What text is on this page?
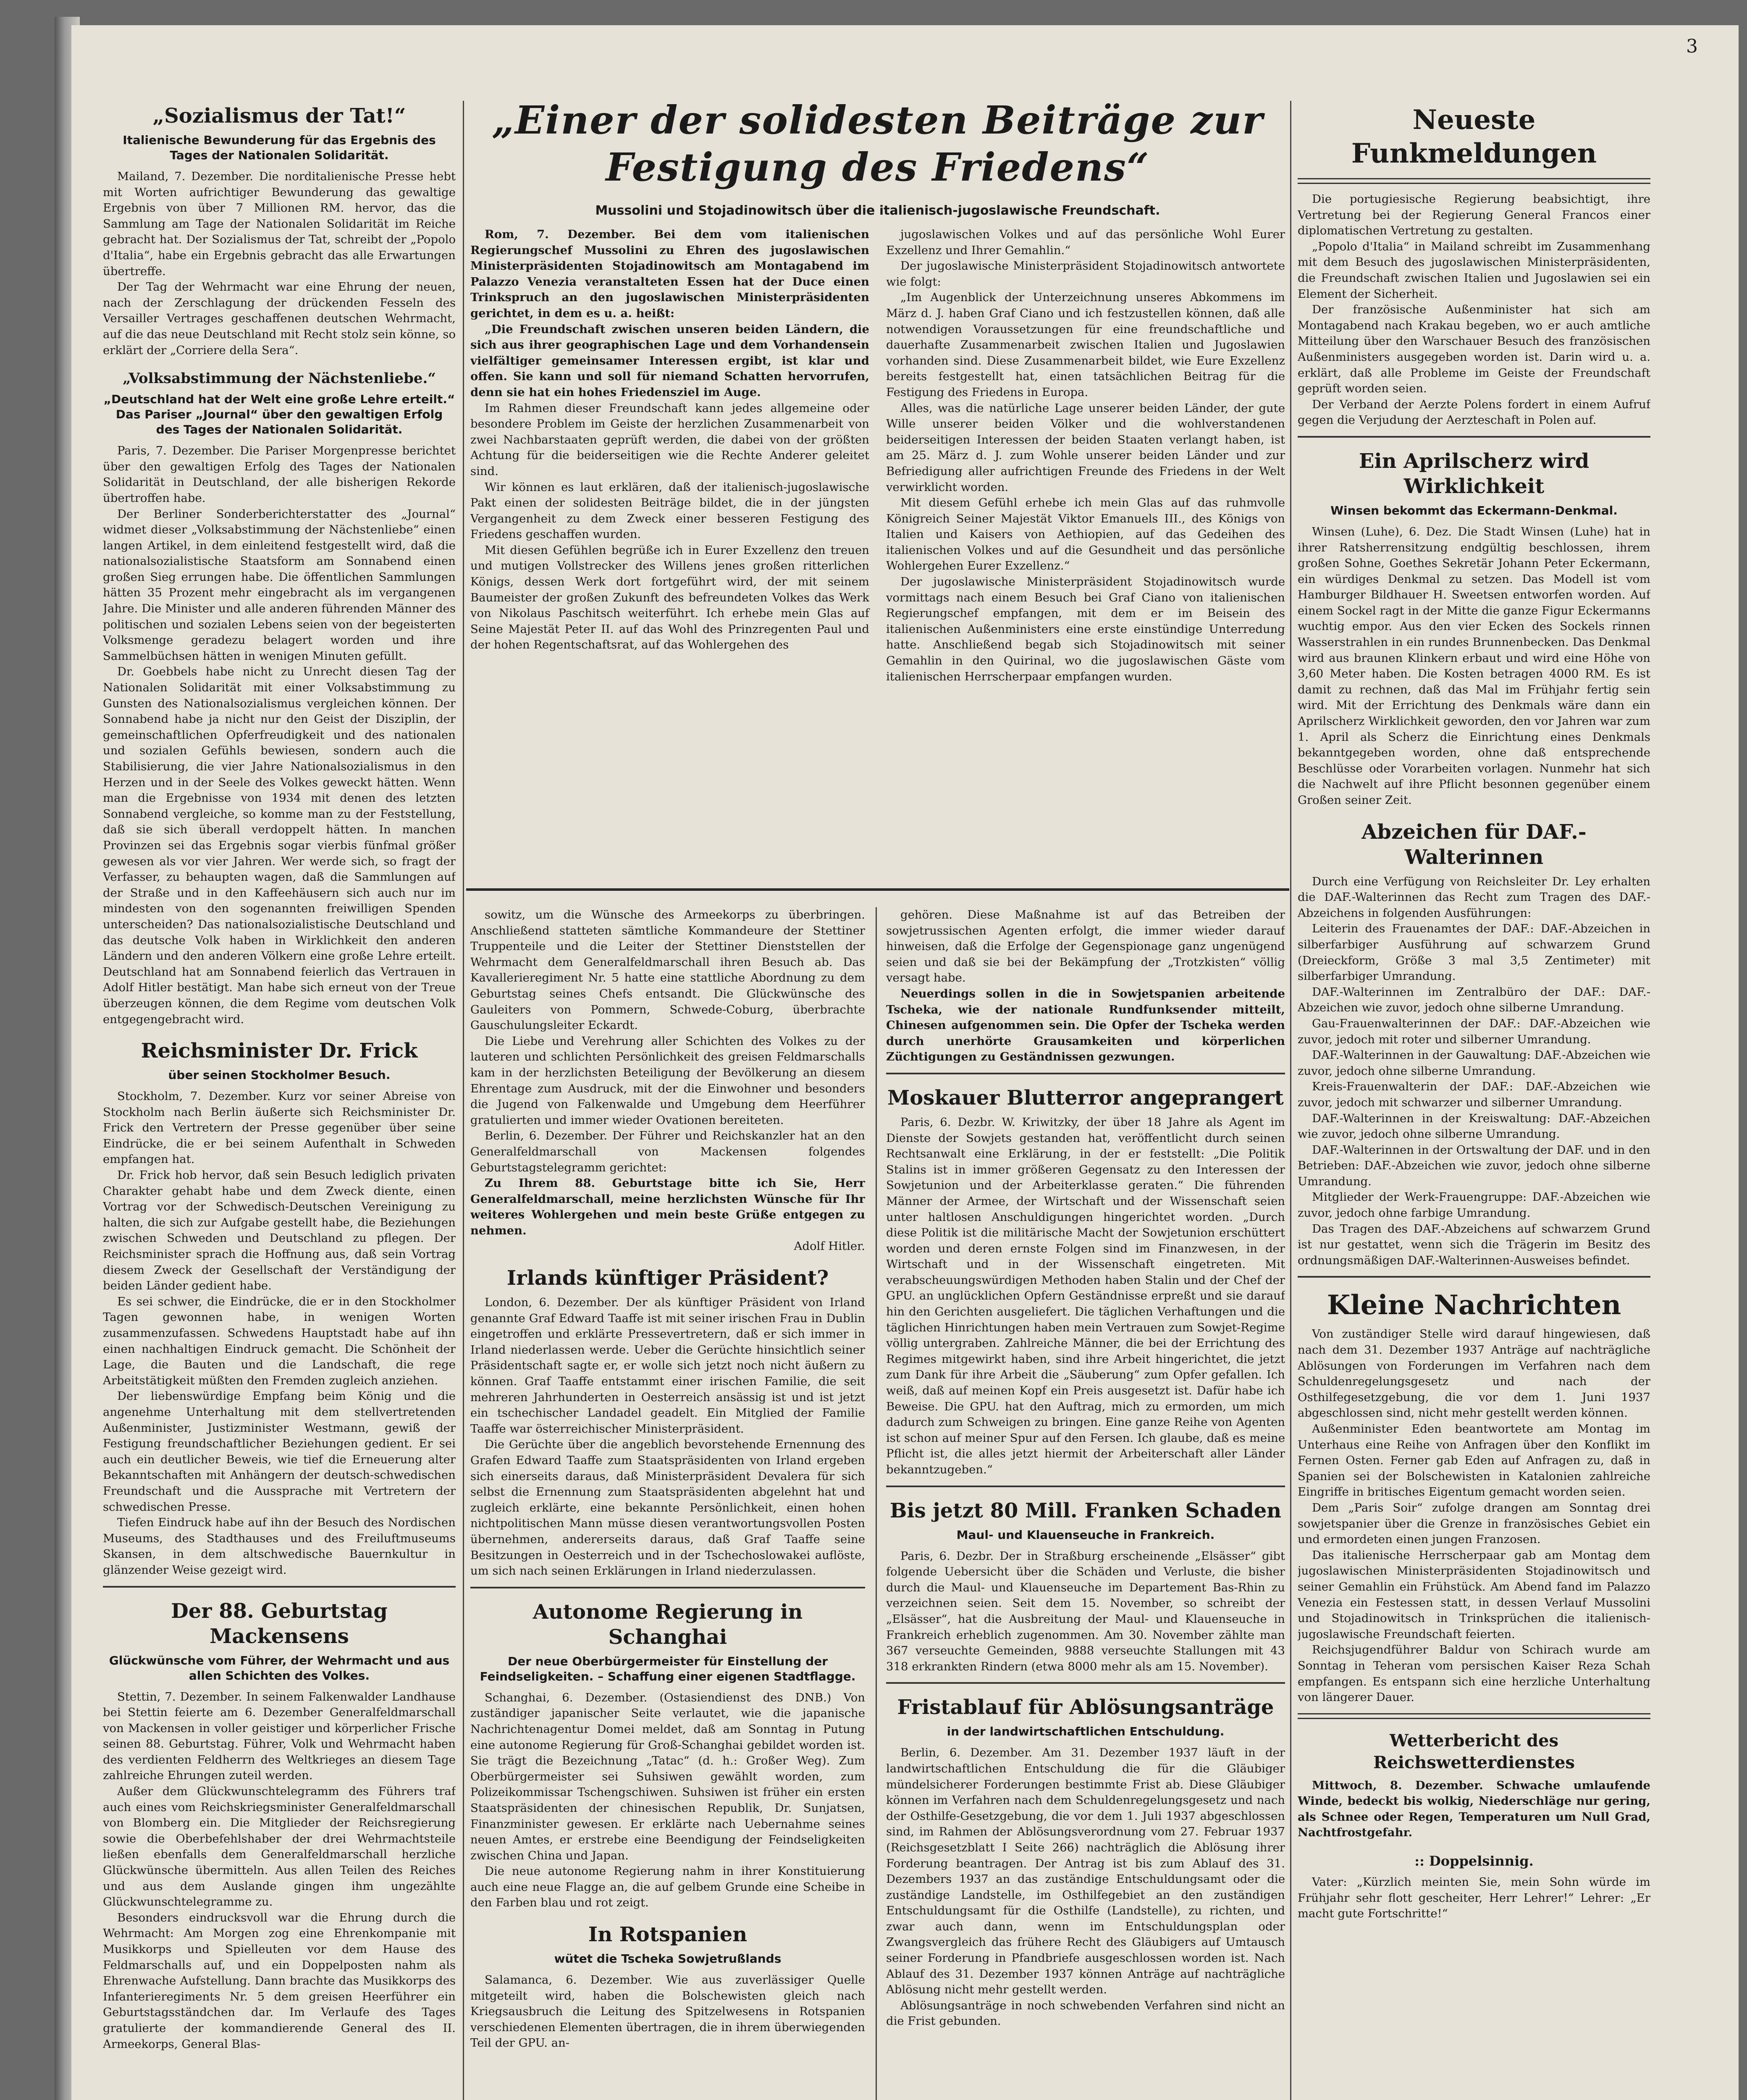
3
„Sozialismus der Tat!“
Italienische Bewunderung für das Ergebnis des Tages der Nationalen Solidarität.

Mailand, 7. Dezember. Die norditalienische Presse hebt mit Worten aufrichtiger Bewunderung das gewaltige Ergebnis von über 7 Millionen RM. hervor, das die Sammlung am Tage der Nationalen Solidarität im Reiche gebracht hat. Der Sozialismus der Tat, schreibt der „Popolo d'Italia“, habe ein Ergebnis gebracht das alle Erwartungen übertreffe.

Der Tag der Wehrmacht war eine Ehrung der neuen, nach der Zerschlagung der drückenden Fesseln des Versailler Vertrages geschaffenen deutschen Wehrmacht, auf die das neue Deutschland mit Recht stolz sein könne, so erklärt der „Corriere della Sera“.

„Volksabstimmung der Nächstenliebe.“
„Deutschland hat der Welt eine große Lehre erteilt.“ Das Pariser „Journal“ über den gewaltigen Erfolg des Tages der Nationalen Solidarität.

Paris, 7. Dezember. Die Pariser Morgenpresse berichtet über den gewaltigen Erfolg des Tages der Nationalen Solidarität in Deutschland, der alle bisherigen Rekorde übertroffen habe.

Der Berliner Sonderberichterstatter des „Journal“ widmet dieser „Volksabstimmung der Nächstenliebe“ einen langen Artikel, in dem einleitend festgestellt wird, daß die nationalsozialistische Staatsform am Sonnabend einen großen Sieg errungen habe. Die öffentlichen Sammlungen hätten 35 Prozent mehr eingebracht als im vergangenen Jahre. Die Minister und alle anderen führenden Männer des politischen und sozialen Lebens seien von der begeisterten Volksmenge geradezu belagert worden und ihre Sammelbüchsen hätten in wenigen Minuten gefüllt.

Dr. Goebbels habe nicht zu Unrecht diesen Tag der Nationalen Solidarität mit einer Volksabstimmung zu Gunsten des Nationalsozialismus vergleichen können. Der Sonnabend habe ja nicht nur den Geist der Disziplin, der gemeinschaftlichen Opferfreudigkeit und des nationalen und sozialen Gefühls bewiesen, sondern auch die Stabilisierung, die vier Jahre Nationalsozialismus in den Herzen und in der Seele des Volkes geweckt hätten. Wenn man die Ergebnisse von 1934 mit denen des letzten Sonnabend vergleiche, so komme man zu der Feststellung, daß sie sich überall verdoppelt hätten. In manchen Provinzen sei das Ergebnis sogar vierbis fünfmal größer gewesen als vor vier Jahren. Wer werde sich, so fragt der Verfasser, zu behaupten wagen, daß die Sammlungen auf der Straße und in den Kaffeehäusern sich auch nur im mindesten von den sogenannten freiwilligen Spenden unterscheiden? Das nationalsozialistische Deutschland und das deutsche Volk haben in Wirklichkeit den anderen Ländern und den anderen Völkern eine große Lehre erteilt. Deutschland hat am Sonnabend feierlich das Vertrauen in Adolf Hitler bestätigt. Man habe sich erneut von der Treue überzeugen können, die dem Regime vom deutschen Volk entgegengebracht wird.

Reichsminister Dr. Frick
über seinen Stockholmer Besuch.

Stockholm, 7. Dezember. Kurz vor seiner Abreise von Stockholm nach Berlin äußerte sich Reichsminister Dr. Frick den Vertretern der Presse gegenüber über seine Eindrücke, die er bei seinem Aufenthalt in Schweden empfangen hat.

Dr. Frick hob hervor, daß sein Besuch lediglich privaten Charakter gehabt habe und dem Zweck diente, einen Vortrag vor der Schwedisch-Deutschen Vereinigung zu halten, die sich zur Aufgabe gestellt habe, die Beziehungen zwischen Schweden und Deutschland zu pflegen. Der Reichsminister sprach die Hoffnung aus, daß sein Vortrag diesem Zweck der Gesellschaft der Verständigung der beiden Länder gedient habe.

Es sei schwer, die Eindrücke, die er in den Stockholmer Tagen gewonnen habe, in wenigen Worten zusammenzufassen. Schwedens Hauptstadt habe auf ihn einen nachhaltigen Eindruck gemacht. Die Schönheit der Lage, die Bauten und die Landschaft, die rege Arbeitstätigkeit müßten den Fremden zugleich anziehen.

Der liebenswürdige Empfang beim König und die angenehme Unterhaltung mit dem stellvertretenden Außenminister, Justizminister Westmann, gewiß der Festigung freundschaftlicher Beziehungen gedient. Er sei auch ein deutlicher Beweis, wie tief die Erneuerung alter Bekanntschaften mit Anhängern der deutsch-schwedischen Freundschaft und die Aussprache mit Vertretern der schwedischen Presse.

Tiefen Eindruck habe auf ihn der Besuch des Nordischen Museums, des Stadthauses und des Freiluftmuseums Skansen, in dem altschwedische Bauernkultur in glänzender Weise gezeigt wird.

Der 88. Geburtstag Mackensens
Glückwünsche vom Führer, der Wehrmacht und aus allen Schichten des Volkes.

Stettin, 7. Dezember. In seinem Falkenwalder Landhause bei Stettin feierte am 6. Dezember Generalfeldmarschall von Mackensen in voller geistiger und körperlicher Frische seinen 88. Geburtstag. Führer, Volk und Wehrmacht haben des verdienten Feldherrn des Weltkrieges an diesem Tage zahlreiche Ehrungen zuteil werden.

Außer dem Glückwunschtelegramm des Führers traf auch eines vom Reichskriegsminister Generalfeldmarschall von Blomberg ein. Die Mitglieder der Reichsregierung sowie die Oberbefehlshaber der drei Wehrmachtsteile ließen ebenfalls dem Generalfeldmarschall herzliche Glückwünsche übermitteln. Aus allen Teilen des Reiches und aus dem Auslande gingen ihm ungezählte Glückwunschtelegramme zu.

Besonders eindrucksvoll war die Ehrung durch die Wehrmacht: Am Morgen zog eine Ehrenkompanie mit Musikkorps und Spielleuten vor dem Hause des Feldmarschalls auf, und ein Doppelposten nahm als Ehrenwache Aufstellung. Dann brachte das Musikkorps des Infanterieregiments Nr. 5 dem greisen Heerführer ein Geburtstagsständchen dar. Im Verlaufe des Tages gratulierte der kommandierende General des II. Armeekorps, General Blas-

„Einer der solidesten Beiträge zur Festigung des Friedens“
Mussolini und Stojadinowitsch über die italienisch-jugoslawische Freundschaft.

Rom, 7. Dezember. Bei dem vom italienischen Regierungschef Mussolini zu Ehren des jugoslawischen Ministerpräsidenten Stojadinowitsch am Montagabend im Palazzo Venezia veranstalteten Essen hat der Duce einen Trinkspruch an den jugoslawischen Ministerpräsidenten gerichtet, in dem es u. a. heißt:

„Die Freundschaft zwischen unseren beiden Ländern, die sich aus ihrer geographischen Lage und dem Vorhandensein vielfältiger gemeinsamer Interessen ergibt, ist klar und offen. Sie kann und soll für niemand Schatten hervorrufen, denn sie hat ein hohes Friedensziel im Auge.

Im Rahmen dieser Freundschaft kann jedes allgemeine oder besondere Problem im Geiste der herzlichen Zusammenarbeit von zwei Nachbarstaaten geprüft werden, die dabei von der größten Achtung für die beiderseitigen wie die Rechte Anderer geleitet sind.

Wir können es laut erklären, daß der italienisch-jugoslawische Pakt einen der solidesten Beiträge bildet, die in der jüngsten Vergangenheit zu dem Zweck einer besseren Festigung des Friedens geschaffen wurden.

Mit diesen Gefühlen begrüße ich in Eurer Exzellenz den treuen und mutigen Vollstrecker des Willens jenes großen ritterlichen Königs, dessen Werk dort fortgeführt wird, der mit seinem Baumeister der großen Zukunft des befreundeten Volkes das Werk von Nikolaus Paschitsch weiterführt. Ich erhebe mein Glas auf Seine Majestät Peter II. auf das Wohl des Prinzregenten Paul und der hohen Regentschaftsrat, auf das Wohlergehen des

jugoslawischen Volkes und auf das persönliche Wohl Eurer Exzellenz und Ihrer Gemahlin.“

Der jugoslawische Ministerpräsident Stojadinowitsch antwortete wie folgt:

„Im Augenblick der Unterzeichnung unseres Abkommens im März d. J. haben Graf Ciano und ich festzustellen können, daß alle notwendigen Voraussetzungen für eine freundschaftliche und dauerhafte Zusammenarbeit zwischen Italien und Jugoslawien vorhanden sind. Diese Zusammenarbeit bildet, wie Eure Exzellenz bereits festgestellt hat, einen tatsächlichen Beitrag für die Festigung des Friedens in Europa.

Alles, was die natürliche Lage unserer beiden Länder, der gute Wille unserer beiden Völker und die wohlverstandenen beiderseitigen Interessen der beiden Staaten verlangt haben, ist am 25. März d. J. zum Wohle unserer beiden Länder und zur Befriedigung aller aufrichtigen Freunde des Friedens in der Welt verwirklicht worden.

Mit diesem Gefühl erhebe ich mein Glas auf das ruhmvolle Königreich Seiner Majestät Viktor Emanuels III., des Königs von Italien und Kaisers von Aethiopien, auf das Gedeihen des italienischen Volkes und auf die Gesundheit und das persönliche Wohlergehen Eurer Exzellenz.“

Der jugoslawische Ministerpräsident Stojadinowitsch wurde vormittags nach einem Besuch bei Graf Ciano von italienischen Regierungschef empfangen, mit dem er im Beisein des italienischen Außenministers eine erste einstündige Unterredung hatte. Anschließend begab sich Stojadinowitsch mit seiner Gemahlin in den Quirinal, wo die jugoslawischen Gäste vom italienischen Herrscherpaar empfangen wurden.

sowitz, um die Wünsche des Armeekorps zu überbringen. Anschließend statteten sämtliche Kommandeure der Stettiner Truppenteile und die Leiter der Stettiner Dienststellen der Wehrmacht dem Generalfeldmarschall ihren Besuch ab. Das Kavallerieregiment Nr. 5 hatte eine stattliche Abordnung zu dem Geburtstag seines Chefs entsandt. Die Glückwünsche des Gauleiters von Pommern, Schwede-Coburg, überbrachte Gauschulungsleiter Eckardt.

Die Liebe und Verehrung aller Schichten des Volkes zu der lauteren und schlichten Persönlichkeit des greisen Feldmarschalls kam in der herzlichsten Beteiligung der Bevölkerung an diesem Ehrentage zum Ausdruck, mit der die Einwohner und besonders die Jugend von Falkenwalde und Umgebung dem Heerführer gratulierten und immer wieder Ovationen bereiteten.

Berlin, 6. Dezember. Der Führer und Reichskanzler hat an den Generalfeldmarschall von Mackensen folgendes Geburtstagstelegramm gerichtet:

Zu Ihrem 88. Geburtstage bitte ich Sie, Herr Generalfeldmarschall, meine herzlichsten Wünsche für Ihr weiteres Wohlergehen und mein beste Grüße entgegen zu nehmen.

Adolf Hitler.

Irlands künftiger Präsident?

London, 6. Dezember. Der als künftiger Präsident von Irland genannte Graf Edward Taaffe ist mit seiner irischen Frau in Dublin eingetroffen und erklärte Pressevertretern, daß er sich immer in Irland niederlassen werde. Ueber die Gerüchte hinsichtlich seiner Präsidentschaft sagte er, er wolle sich jetzt noch nicht äußern zu können. Graf Taaffe entstammt einer irischen Familie, die seit mehreren Jahrhunderten in Oesterreich ansässig ist und ist jetzt ein tschechischer Landadel geadelt. Ein Mitglied der Familie Taaffe war österreichischer Ministerpräsident.

Die Gerüchte über die angeblich bevorstehende Ernennung des Grafen Edward Taaffe zum Staatspräsidenten von Irland ergeben sich einerseits daraus, daß Ministerpräsident Devalera für sich selbst die Ernennung zum Staatspräsidenten abgelehnt hat und zugleich erklärte, eine bekannte Persönlichkeit, einen hohen nichtpolitischen Mann müsse diesen verantwortungsvollen Posten übernehmen, andererseits daraus, daß Graf Taaffe seine Besitzungen in Oesterreich und in der Tschechoslowakei auflöste, um sich nach seinen Erklärungen in Irland niederzulassen.

Autonome Regierung in Schanghai
Der neue Oberbürgermeister für Einstellung der Feindseligkeiten. – Schaffung einer eigenen Stadtflagge.

Schanghai, 6. Dezember. (Ostasiendienst des DNB.) Von zuständiger japanischer Seite verlautet, wie die japanische Nachrichtenagentur Domei meldet, daß am Sonntag in Putung eine autonome Regierung für Groß-Schanghai gebildet worden ist. Sie trägt die Bezeichnung „Tatac“ (d. h.: Großer Weg). Zum Oberbürgermeister sei Suhsiwen gewählt worden, zum Polizeikommissar Tschengschiwen. Suhsiwen ist früher ein ersten Staatspräsidenten der chinesischen Republik, Dr. Sunjatsen, Finanzminister gewesen. Er erklärte nach Uebernahme seines neuen Amtes, er erstrebe eine Beendigung der Feindseligkeiten zwischen China und Japan.

Die neue autonome Regierung nahm in ihrer Konstituierung auch eine neue Flagge an, die auf gelbem Grunde eine Scheibe in den Farben blau und rot zeigt.

In Rotspanien
wütet die Tscheka Sowjetrußlands

Salamanca, 6. Dezember. Wie aus zuverlässiger Quelle mitgeteilt wird, haben die Bolschewisten gleich nach Kriegsausbruch die Leitung des Spitzelwesens in Rotspanien verschiedenen Elementen übertragen, die in ihrem überwiegenden Teil der GPU. an-

gehören. Diese Maßnahme ist auf das Betreiben der sowjetrussischen Agenten erfolgt, die immer wieder darauf hinweisen, daß die Erfolge der Gegenspionage ganz ungenügend seien und daß sie bei der Bekämpfung der „Trotzkisten“ völlig versagt habe.

Neuerdings sollen in die in Sowjetspanien arbeitende Tscheka, wie der nationale Rundfunksender mitteilt, Chinesen aufgenommen sein. Die Opfer der Tscheka werden durch unerhörte Grausamkeiten und körperlichen Züchtigungen zu Geständnissen gezwungen.

Moskauer Blutterror angeprangert

Paris, 6. Dezbr. W. Kriwitzky, der über 18 Jahre als Agent im Dienste der Sowjets gestanden hat, veröffentlicht durch seinen Rechtsanwalt eine Erklärung, in der er feststellt: „Die Politik Stalins ist in immer größeren Gegensatz zu den Interessen der Sowjetunion und der Arbeiterklasse geraten.“ Die führenden Männer der Armee, der Wirtschaft und der Wissenschaft seien unter haltlosen Anschuldigungen hingerichtet worden. „Durch diese Politik ist die militärische Macht der Sowjetunion erschüttert worden und deren ernste Folgen sind im Finanzwesen, in der Wirtschaft und in der Wissenschaft eingetreten. Mit verabscheuungswürdigen Methoden haben Stalin und der Chef der GPU. an unglücklichen Opfern Geständnisse erpreßt und sie darauf hin den Gerichten ausgeliefert. Die täglichen Verhaftungen und die täglichen Hinrichtungen haben mein Vertrauen zum Sowjet-Regime völlig untergraben. Zahlreiche Männer, die bei der Errichtung des Regimes mitgewirkt haben, sind ihre Arbeit hingerichtet, die jetzt zum Dank für ihre Arbeit die „Säuberung“ zum Opfer gefallen. Ich weiß, daß auf meinen Kopf ein Preis ausgesetzt ist. Dafür habe ich Beweise. Die GPU. hat den Auftrag, mich zu ermorden, um mich dadurch zum Schweigen zu bringen. Eine ganze Reihe von Agenten ist schon auf meiner Spur auf den Fersen. Ich glaube, daß es meine Pflicht ist, die alles jetzt hiermit der Arbeiterschaft aller Länder bekanntzugeben.“

Bis jetzt 80 Mill. Franken Schaden
Maul- und Klauenseuche in Frankreich.

Paris, 6. Dezbr. Der in Straßburg erscheinende „Elsässer“ gibt folgende Uebersicht über die Schäden und Verluste, die bisher durch die Maul- und Klauenseuche im Departement Bas-Rhin zu verzeichnen seien. Seit dem 15. November, so schreibt der „Elsässer“, hat die Ausbreitung der Maul- und Klauenseuche in Frankreich erheblich zugenommen. Am 30. November zählte man 367 verseuchte Gemeinden, 9888 verseuchte Stallungen mit 43 318 erkrankten Rindern (etwa 8000 mehr als am 15. November).

Fristablauf für Ablösungsanträge
in der landwirtschaftlichen Entschuldung.

Berlin, 6. Dezember. Am 31. Dezember 1937 läuft in der landwirtschaftlichen Entschuldung die für die Gläubiger mündelsicherer Forderungen bestimmte Frist ab. Diese Gläubiger können im Verfahren nach dem Schuldenregelungsgesetz und nach der Osthilfe-Gesetzgebung, die vor dem 1. Juli 1937 abgeschlossen sind, im Rahmen der Ablösungsverordnung vom 27. Februar 1937 (Reichsgesetzblatt I Seite 266) nachträglich die Ablösung ihrer Forderung beantragen. Der Antrag ist bis zum Ablauf des 31. Dezembers 1937 an das zuständige Entschuldungsamt oder die zuständige Landstelle, im Osthilfegebiet an den zuständigen Entschuldungsamt für die Osthilfe (Landstelle), zu richten, und zwar auch dann, wenn im Entschuldungsplan oder Zwangsvergleich das frühere Recht des Gläubigers auf Umtausch seiner Forderung in Pfandbriefe ausgeschlossen worden ist. Nach Ablauf des 31. Dezember 1937 können Anträge auf nachträgliche Ablösung nicht mehr gestellt werden.

Ablösungsanträge in noch schwebenden Verfahren sind nicht an die Frist gebunden.

Neueste Funkmeldungen

Die portugiesische Regierung beabsichtigt, ihre Vertretung bei der Regierung General Francos einer diplomatischen Vertretung zu gestalten.

„Popolo d'Italia“ in Mailand schreibt im Zusammenhang mit dem Besuch des jugoslawischen Ministerpräsidenten, die Freundschaft zwischen Italien und Jugoslawien sei ein Element der Sicherheit.

Der französische Außenminister hat sich am Montagabend nach Krakau begeben, wo er auch amtliche Mitteilung über den Warschauer Besuch des französischen Außenministers ausgegeben worden ist. Darin wird u. a. erklärt, daß alle Probleme im Geiste der Freundschaft geprüft worden seien.

Der Verband der Aerzte Polens fordert in einem Aufruf gegen die Verjudung der Aerzteschaft in Polen auf.

Ein Aprilscherz wird Wirklichkeit
Winsen bekommt das Eckermann-Denkmal.

Winsen (Luhe), 6. Dez. Die Stadt Winsen (Luhe) hat in ihrer Ratsherrensitzung endgültig beschlossen, ihrem großen Sohne, Goethes Sekretär Johann Peter Eckermann, ein würdiges Denkmal zu setzen. Das Modell ist vom Hamburger Bildhauer H. Sweetsen entworfen worden. Auf einem Sockel ragt in der Mitte die ganze Figur Eckermanns wuchtig empor. Aus den vier Ecken des Sockels rinnen Wasserstrahlen in ein rundes Brunnenbecken. Das Denkmal wird aus braunen Klinkern erbaut und wird eine Höhe von 3,60 Meter haben. Die Kosten betragen 4000 RM. Es ist damit zu rechnen, daß das Mal im Frühjahr fertig sein wird. Mit der Errichtung des Denkmals wäre dann ein Aprilscherz Wirklichkeit geworden, den vor Jahren war zum 1. April als Scherz die Einrichtung eines Denkmals bekanntgegeben worden, ohne daß entsprechende Beschlüsse oder Vorarbeiten vorlagen. Nunmehr hat sich die Nachwelt auf ihre Pflicht besonnen gegenüber einem Großen seiner Zeit.

Abzeichen für DAF.-Walterinnen

Durch eine Verfügung von Reichsleiter Dr. Ley erhalten die DAF.-Walterinnen das Recht zum Tragen des DAF.-Abzeichens in folgenden Ausführungen:

Leiterin des Frauenamtes der DAF.: DAF.-Abzeichen in silberfarbiger Ausführung auf schwarzem Grund (Dreieckform, Größe 3 mal 3,5 Zentimeter) mit silberfarbiger Umrandung.

DAF.-Walterinnen im Zentralbüro der DAF.: DAF.-Abzeichen wie zuvor, jedoch ohne silberne Umrandung.

Gau-Frauenwalterinnen der DAF.: DAF.-Abzeichen wie zuvor, jedoch mit roter und silberner Umrandung.

DAF.-Walterinnen in der Gauwaltung: DAF.-Abzeichen wie zuvor, jedoch ohne silberne Umrandung.

Kreis-Frauenwalterin der DAF.: DAF.-Abzeichen wie zuvor, jedoch mit schwarzer und silberner Umrandung.

DAF.-Walterinnen in der Kreiswaltung: DAF.-Abzeichen wie zuvor, jedoch ohne silberne Umrandung.

DAF.-Walterinnen in der Ortswaltung der DAF. und in den Betrieben: DAF.-Abzeichen wie zuvor, jedoch ohne silberne Umrandung.

Mitglieder der Werk-Frauengruppe: DAF.-Abzeichen wie zuvor, jedoch ohne farbige Umrandung.

Das Tragen des DAF.-Abzeichens auf schwarzem Grund ist nur gestattet, wenn sich die Trägerin im Besitz des ordnungsmäßigen DAF.-Walterinnen-Ausweises befindet.

Kleine Nachrichten

Von zuständiger Stelle wird darauf hingewiesen, daß nach dem 31. Dezember 1937 Anträge auf nachträgliche Ablösungen von Forderungen im Verfahren nach dem Schuldenregelungsgesetz und nach der Osthilfegesetzgebung, die vor dem 1. Juni 1937 abgeschlossen sind, nicht mehr gestellt werden können.

Außenminister Eden beantwortete am Montag im Unterhaus eine Reihe von Anfragen über den Konflikt im Fernen Osten. Ferner gab Eden auf Anfragen zu, daß in Spanien sei der Bolschewisten in Katalonien zahlreiche Eingriffe in britisches Eigentum gemacht worden seien.

Dem „Paris Soir“ zufolge drangen am Sonntag drei sowjetspanier über die Grenze in französisches Gebiet ein und ermordeten einen jungen Franzosen.

Das italienische Herrscherpaar gab am Montag dem jugoslawischen Ministerpräsidenten Stojadinowitsch und seiner Gemahlin ein Frühstück. Am Abend fand im Palazzo Venezia ein Festessen statt, in dessen Verlauf Mussolini und Stojadinowitsch in Trinksprüchen die italienisch-jugoslawische Freundschaft feierten.

Reichsjugendführer Baldur von Schirach wurde am Sonntag in Teheran vom persischen Kaiser Reza Schah empfangen. Es entspann sich eine herzliche Unterhaltung von längerer Dauer.

Wetterbericht des Reichswetterdienstes

Mittwoch, 8. Dezember. Schwache umlaufende Winde, bedeckt bis wolkig, Niederschläge nur gering, als Schnee oder Regen, Temperaturen um Null Grad, Nachtfrostgefahr.

:: Doppelsinnig.

Vater: „Kürzlich meinten Sie, mein Sohn würde im Frühjahr sehr flott gescheiter, Herr Lehrer!“ Lehrer: „Er macht gute Fortschritte!“
